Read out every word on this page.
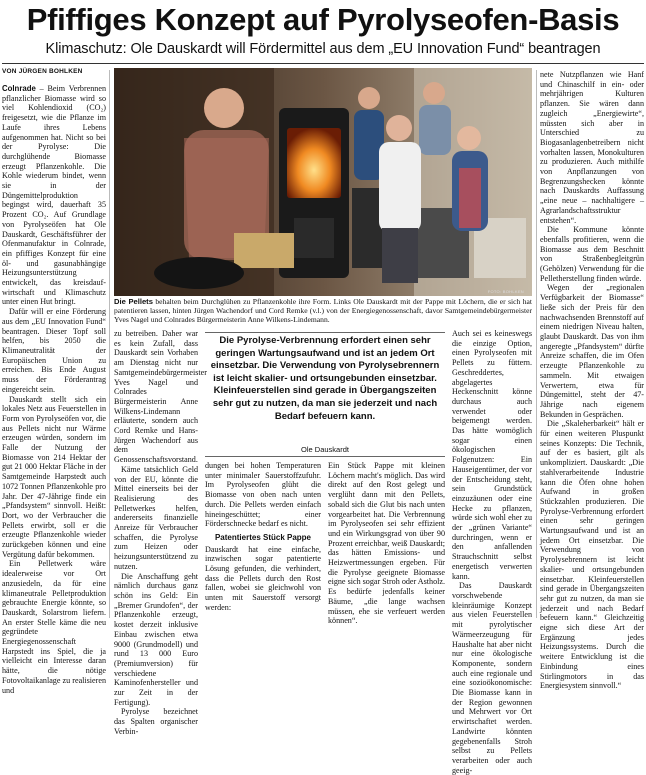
Pfiffiges Konzept auf Pyrolyseofen-Basis
Klimaschutz: Ole Dauskardt will Fördermittel aus dem „EU Innovation Fund“ beantragen
VON JÜRGEN BOHLKEN

Colnrade – Beim Verbrennen pflanzlicher Biomasse wird so viel Kohlendioxid (CO₂) freigesetzt, wie die Pflanze im Laufe ihres Lebens aufgenommen hat. Nicht so bei der Pyrolyse: Die durchglühende Biomasse erzeugt Pflanzenkohle. Die Kohle wiederum bindet, wenn sie in der Düngemittelproduktion begingst wird, dauerhaft 35 Prozent CO₂. Auf Grundlage von Pyrolyseöfen hat Ole Dauskardt, Geschäftsführer der Ofenmanufaktur in Colnrade, ein pfiffiges Konzept für eine öl- und gasunabhängige Heizungsunterstützung entwickelt, das kreisdaufwirtschaft und Klimaschutz unter einen Hut bringt.

Dafür will er eine Förderung aus dem „EU Innovation Fund“ beantragen. Dieser Topf soll helfen, bis 2050 die Klimaneutralität der Europäischen Union zu erreichen. Bis Ende August muss der Förderantrag eingereicht sein.

Dauskardt stellt sich ein lokales Netz aus Feuerstellen in Form von Pyrolyseöfen vor, die aus Pellets nicht nur Wärme erzeugen würden, sondern im Falle der Nutzung der Biomasse von 214 Hektar der gut 21 000 Hektar Fläche in der Samtgemeinde Harpstedt auch 1072 Tonnen Pflanzenkohle pro Jahr. Der 47-Jährige finde ein „Pfandsystem“ sinnvoll. Heißt: Dort, wo der Verbraucher die Pellets erwirbt, soll er die erzeugte Pflanzenkohle wieder zurückgeben können und eine Vergütung dafür bekommen.

Ein Pelletwerk wäre idealerweise vor Ort anzusiedeln, da für eine klimaneutrale Pelletproduktion gebrauchte Energie könnte, so Dauskardt, Solarstrom liefern. An erster Stelle käme die neu gegründete Energiegenossenschaft Harpstedt ins Spiel, die ja vielleicht ein Interesse daran hätte, die nötige Fotovoltaikanlage zu realisieren und

FOTO: BOHLKEN
Die Pellets behalten beim Durchglühen zu Pflanzenkohle ihre Form. Links Ole Dauskardt mit der Pappe mit Löchern, die er sich hat patentieren lassen, hinten Jürgen Wachendorf und Cord Remke (v.l.) von der Energiegenossenschaft, davor Samtgemeindebürgermeister Yves Nagel und Colnrades Bürgermeisterin Anne Wilkens-Lindemann.

zu betreiben. Daher war es kein Zufall, dass Dauskardt sein Vorhaben am Dienstag nicht nur Samtgemeindebürgermeister Yves Nagel und Colnrades Bürgermeisterin Anne Wilkens-Lindemann erläuterte, sondern auch Cord Remke und Hans-Jürgen Wachendorf aus dem Genossenschaftsvorstand.

Käme tatsächlich Geld von der EU, könnte die Mittel einerseits bei der Realisierung des Pelletwerkes helfen, andererseits finanzielle Anreize für Verbraucher schaffen, die Pyrolyse zum Heizen oder heizungsunterstützend zu nutzen.

Die Anschaffung geht nämlich durchaus ganz schön ins Geld: Ein „Bremer Grundofen“, der Pflanzenkohle erzeugt, kostet derzeit inklusive Einbau zwischen etwa 9000 (Grundmodell) und rund 13 000 Euro (Premiumversion) für verschiedene Kaminofenhersteller und zur Zeit in der Fertigung).

Pyrolyse bezeichnet das Spalten organischer Verbin-

Die Pyrolyse-Verbrennung erfordert einen sehr geringen Wartungsaufwand und ist an jedem Ort einsetzbar. Die Verwendung von Pyrolysebrennern ist leicht skalier- und ortsungebunden einsetzbar. Kleinfeuerstellen sind gerade in Übergangszeiten sehr gut zu nutzen, da man sie jederzeit und nach Bedarf befeuern kann.
Ole Dauskardt

dungen bei hohen Temperaturen unter minimaler Sauerstoffzufuhr. Im Pyrolyseofen glüht die Biomasse von oben nach unten durch. Die Pellets werden einfach hineingeschüttet; einer Förderschnecke bedarf es nicht.

Patentiertes Stück Pappe

Dauskardt hat eine einfache, inzwischen sogar patentierte Lösung gefunden, die verhindert, dass die Pellets durch den Rost fallen, wobei sie gleichwohl von unten mit Sauerstoff versorgt werden:

Ein Stück Pappe mit kleinen Löchern macht's möglich. Das wird direkt auf den Rost gelegt und verglüht dann mit den Pellets, sobald sich die Glut bis nach unten vorgearbeitet hat. Die Verbrennung im Pyrolyseofen sei sehr effizient und ein Wirkungsgrad von über 90 Prozent erreichbar, weiß Dauskardt; das hätten Emissions- und Heizwertmessungen ergeben. Für die Pyrolyse geeignete Biomasse eigne sich sogar Stroh oder Astholz. Es bedürfe jedenfalls keiner Bäume, „die lange wachsen müssen, ehe sie verfeuert werden können“.

Auch sei es keineswegs die einzige Option, einen Pyrolyseofen mit Pellets zu füttern. Geschreddertes, abgelagertes Heckenschnitt könne durchaus auch verwendet oder beigemengt werden. Das hätte womöglich sogar einen ökologischen Folgenutzen: Ein Hauseigentümer, der vor der Entscheidung steht, sein Grundstück einzuzäunen oder eine Hecke zu pflanzen, würde sich wohl eher zu der „grünen Variante“ durchringen, wenn er den anfallenden Strauchschnitt selbst energetisch verwerten kann.

Das Dauskardt vorschwebende kleinräumige Konzept aus vielen Feuerstellen mit pyrolytischer Wärmeerzeugung für Haushalte hat aber nicht nur eine ökologische Komponente, sondern auch eine regionale und eine sozioökonomische: Die Biomasse kann in der Region gewonnen und Mehrwert vor Ort erwirtschaftet werden. Landwirte könnten gegebenenfalls Stroh selbst zu Pellets verarbeiten oder auch geeig-

nete Nutzpflanzen wie Hanf und Chinaschilf in ein- oder mehrjährigen Kulturen pflanzen. Sie wären dann zugleich „Energiewirte“, müssten sich aber in Unterschied zu Biogasanlagenbetreibern nicht vorhalten lassen, Monokulturen zu produzieren. Auch mithilfe von Anpflanzungen von Begrenzungshecken könnte nach Dauskardts Auffassung „eine neue – nachhaltigere – Agrarlandschaftsstruktur entstehen“.

Die Kommune könnte ebenfalls profitieren, wenn die Biomasse aus dem Beschnitt von Straßenbegleitgrün (Gehölzen) Verwendung für die Pelletherstellung finden würde.

Wegen der „regionalen Verfügbarkeit der Biomasse“ ließe sich der Preis für den nachwachsenden Brennstoff auf einem niedrigen Niveau halten, glaubt Dauskardt. Das von ihm angeregte „Pfandsystem“ dürfte Anreize schaffen, die im Ofen erzeugte Pflanzenkohle zu sammeln. Mit etwaigen Verwertern, etwa für Düngemittel, steht der 47-Jährige nach eigenem Bekunden in Gesprächen.

Die „Skaleherbarkeit“ hält er für einen weiteren Pluspunkt seines Konzepts: Die Technik, auf der es basiert, gilt als unkompliziert. Dauskardt: „Die stahlverarbeitende Industrie kann die Öfen ohne hohen Aufwand in großen Stückzahlen produzieren. Die Pyrolyse-Verbrennung erfordert einen sehr geringen Wartungsaufwand und ist an jedem Ort einsetzbar. Die Verwendung von Pyrolysebrennern ist leicht skalier- und ortsungebunden einsetzbar. Kleinfeuerstellen sind gerade in Übergangszeiten sehr gut zu nutzen, da man sie jederzeit und nach Bedarf befeuern kann.“ Gleichzeitig eigne sich diese Art der Ergänzung jedes Heizungssystems. Durch die weitere Entwicklung ist die Einbindung eines Stirlingmotors in das Energiesystem sinnvoll.“
